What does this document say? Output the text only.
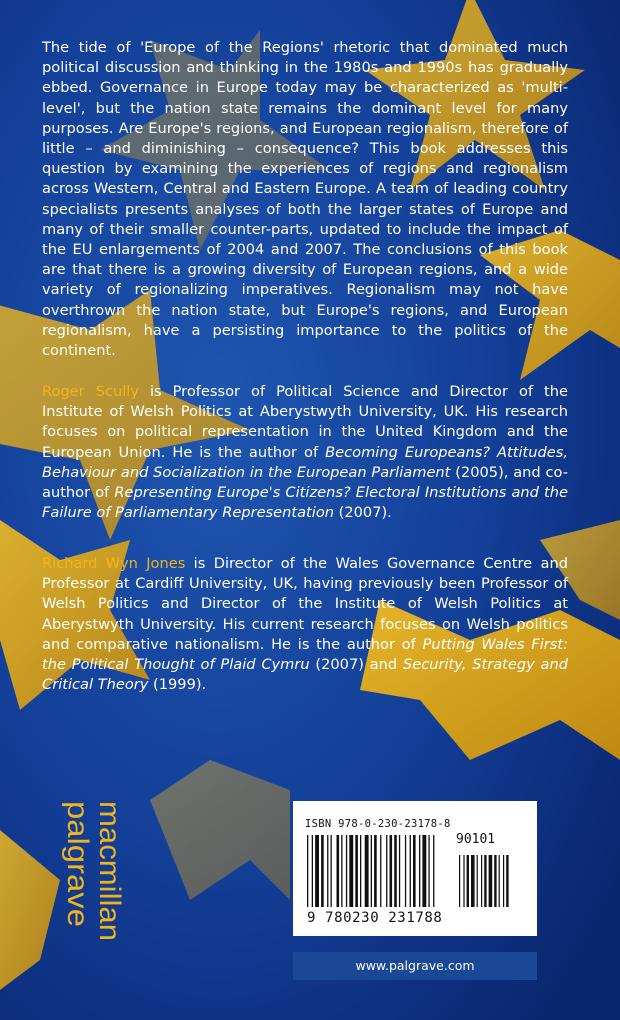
The tide of 'Europe of the Regions' rhetoric that dominated much political discussion and thinking in the 1980s and 1990s has gradually ebbed. Governance in Europe today may be characterized as 'multi-level', but the nation state remains the dominant level for many purposes. Are Europe's regions, and European regionalism, therefore of little – and diminishing – consequence? This book addresses this question by examining the experiences of regions and regionalism across Western, Central and Eastern Europe. A team of leading country specialists presents analyses of both the larger states of Europe and many of their smaller counter-parts, updated to include the impact of the EU enlargements of 2004 and 2007. The conclusions of this book are that there is a growing diversity of European regions, and a wide variety of regionalizing imperatives. Regionalism may not have overthrown the nation state, but Europe's regions, and European regionalism, have a persisting importance to the politics of the continent.

Roger Scully is Professor of Political Science and Director of the Institute of Welsh Politics at Aberystwyth University, UK. His research focuses on political representation in the United Kingdom and the European Union. He is the author of Becoming Europeans? Attitudes, Behaviour and Socialization in the European Parliament (2005), and co-author of Representing Europe's Citizens? Electoral Institutions and the Failure of Parliamentary Representation (2007).

Richard Wyn Jones is Director of the Wales Governance Centre and Professor at Cardiff University, UK, having previously been Professor of Welsh Politics and Director of the Institute of Welsh Politics at Aberystwyth University. His current research focuses on Welsh politics and comparative nationalism. He is the author of Putting Wales First: the Political Thought of Plaid Cymru (2007) and Security, Strategy and Critical Theory (1999).

palgrave macmillan	ISBN 978-0-230-23178-8
90101
9 780230 231788
www.palgrave.com
